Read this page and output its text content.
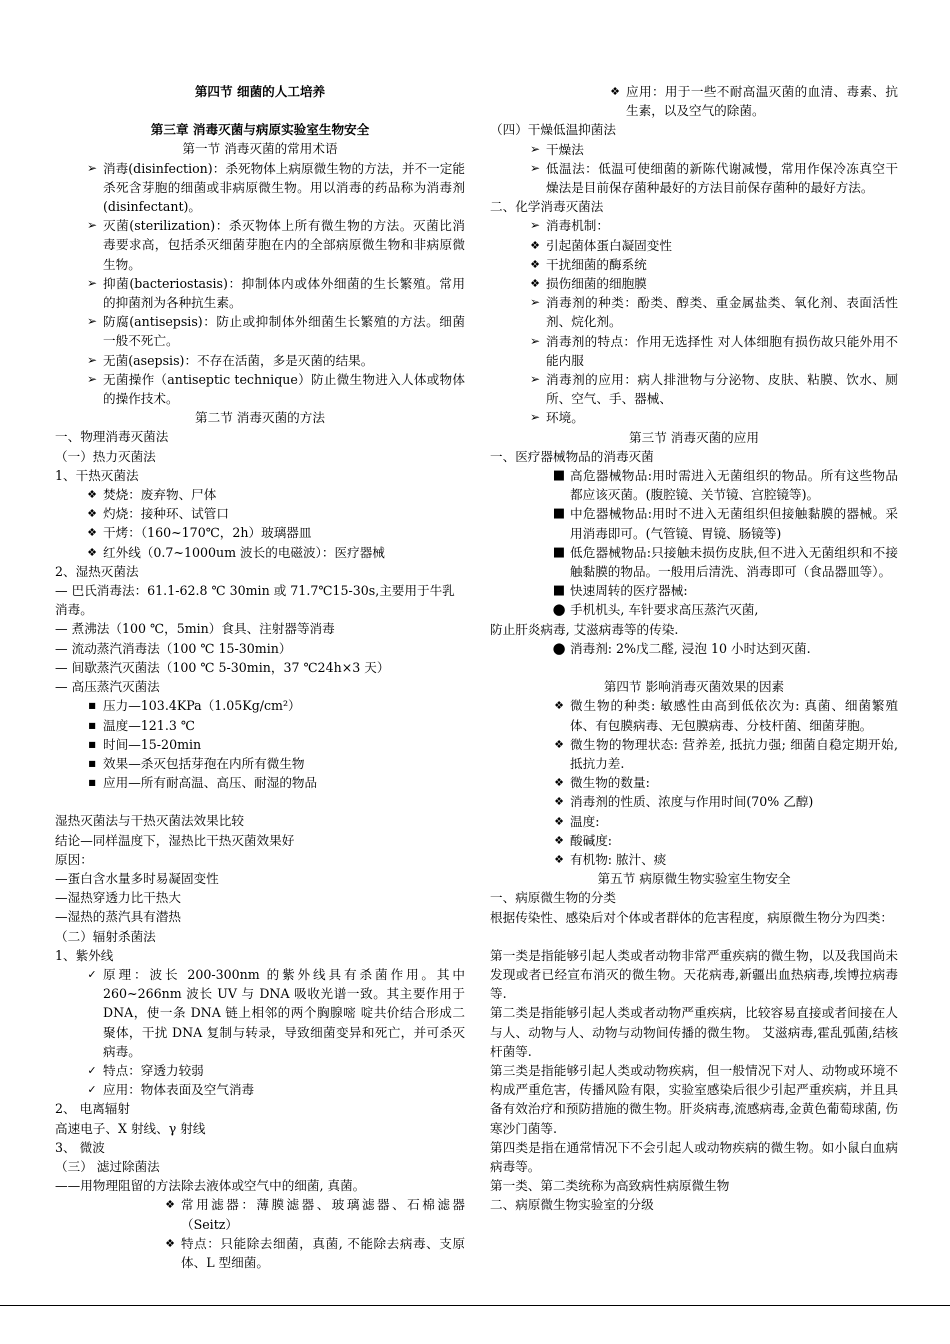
第四节 细菌的人工培养
第三章 消毒灭菌与病原实验室生物安全
第一节 消毒灭菌的常用术语
➢ 消毒(disinfection)：杀死物体上病原微生物的方法，并不一定能杀死含芽胞的细菌或非病原微生物。用以消毒的药品称为消毒剂(disinfectant)。
➢ 灭菌(sterilization)：杀灭物体上所有微生物的方法。灭菌比消毒要求高，包括杀灭细菌芽胞在内的全部病原微生物和非病原微生物。
➢ 抑菌(bacteriostasis)：抑制体内或体外细菌的生长繁殖。常用的抑菌剂为各种抗生素。
➢ 防腐(antisepsis)：防止或抑制体外细菌生长繁殖的方法。细菌一般不死亡。
➢ 无菌(asepsis)：不存在活菌，多是灭菌的结果。
➢ 无菌操作（antiseptic technique）防止微生物进入人体或物体的操作技术。
第二节 消毒灭菌的方法
一、物理消毒灭菌法
（一）热力灭菌法
1、干热灭菌法
❖ 焚烧：废弃物、尸体
❖ 灼烧：接种环、试管口
❖ 干烤：（160~170℃，2h）玻璃器皿
❖ 红外线（0.7~1000um 波长的电磁波）：医疗器械
2、湿热灭菌法
— 巴氏消毒法：61.1-62.8 ℃ 30min 或 71.7℃15-30s,主要用于牛乳消毒。
— 煮沸法（100 ℃，5min）食具、注射器等消毒
— 流动蒸汽消毒法（100 ℃ 15-30min）
— 间歇蒸汽灭菌法（100 ℃ 5-30min，37 ℃24h×3 天）
— 高压蒸汽灭菌法
■ 压力—103.4KPa（1.05Kg/cm²）
■ 温度—121.3 ℃
■ 时间—15-20min
■ 效果—杀灭包括芽孢在内所有微生物
■ 应用—所有耐高温、高压、耐湿的物品
湿热灭菌法与干热灭菌法效果比较
结论—同样温度下，湿热比干热灭菌效果好
原因：
—蛋白含水量多时易凝固变性
—湿热穿透力比干热大
—湿热的蒸汽具有潜热
（二）辐射杀菌法
1、紫外线
✓ 原理：波长 200-300nm 的紫外线具有杀菌作用。其中 260~266nm 波长 UV 与 DNA 吸收光谱一致。其主要作用于 DNA，使一条 DNA 链上相邻的两个胸腺嘧 啶共价结合形成二聚体，干扰 DNA 复制与转录，导致细菌变异和死亡，并可杀灭病毒。
✓ 特点：穿透力较弱
✓ 应用：物体表面及空气消毒
2、 电离辐射
高速电子、X 射线、γ 射线
3、 微波
（三） 滤过除菌法
——用物理阻留的方法除去液体或空气中的细菌, 真菌。
❖ 常用滤器：薄膜滤器、玻璃滤器、石棉滤器（Seitz）
❖ 特点：只能除去细菌，真菌, 不能除去病毒、支原体、L 型细菌。
❖ 应用：用于一些不耐高温灭菌的血清、毒素、抗生素，以及空气的除菌。
（四）干燥低温抑菌法
➢ 干燥法
➢ 低温法：低温可使细菌的新陈代谢减慢，常用作保冷冻真空干燥法是目前保存菌种最好的方法目前保存菌种的最好方法。
二、化学消毒灭菌法
➢ 消毒机制：
❖ 引起菌体蛋白凝固变性
❖ 干扰细菌的酶系统
❖ 损伤细菌的细胞膜
➢ 消毒剂的种类：酚类、醇类、重金属盐类、氧化剂、表面活性剂、烷化剂。
➢ 消毒剂的特点：作用无选择性 对人体细胞有损伤故只能外用不能内服
➢ 消毒剂的应用：病人排泄物与分泌物、皮肤、粘膜、饮水、厕所、空气、手、器械、
➢ 环境。
第三节 消毒灭菌的应用
一、医疗器械物品的消毒灭菌
■ 高危器械物品:用时需进入无菌组织的物品。所有这些物品都应该灭菌。(腹腔镜、关节镜、宫腔镜等)。
■ 中危器械物品:用时不进入无菌组织但接触黏膜的器械。采用消毒即可。(气管镜、胃镜、肠镜等)
■ 低危器械物品:只接触未损伤皮肤,但不进入无菌组织和不接触黏膜的物品。一般用后清洗、消毒即可（食品器皿等）。
■ 快速周转的医疗器械:
● 手机机头, 车针要求高压蒸汽灭菌,
防止肝炎病毒, 艾滋病毒等的传染.
● 消毒剂: 2%戊二醛, 浸泡 10 小时达到灭菌.
第四节 影响消毒灭菌效果的因素
❖ 微生物的种类: 敏感性由高到低依次为: 真菌、细菌繁殖体、有包膜病毒、无包膜病毒、分枝杆菌、细菌芽胞。
❖ 微生物的物理状态: 营养差, 抵抗力强; 细菌自稳定期开始, 抵抗力差.
❖ 微生物的数量:
❖ 消毒剂的性质、浓度与作用时间(70% 乙醇)
❖ 温度:
❖ 酸碱度:
❖ 有机物: 脓汁、痰
第五节 病原微生物实验室生物安全
一、病原微生物的分类
根据传染性、感染后对个体或者群体的危害程度，病原微生物分为四类：
第一类是指能够引起人类或者动物非常严重疾病的微生物，以及我国尚未发现或者已经宣布消灭的微生物。天花病毒,新疆出血热病毒,埃博拉病毒等.
第二类是指能够引起人类或者动物严重疾病，比较容易直接或者间接在人与人、动物与人、动物与动物间传播的微生物。 艾滋病毒,霍乱弧菌,结核杆菌等.
第三类是指能够引起人类或动物疾病，但一般情况下对人、动物或环境不构成严重危害，传播风险有限，实验室感染后很少引起严重疾病，并且具备有效治疗和预防措施的微生物。肝炎病毒,流感病毒,金黄色葡萄球菌, 伤寒沙门菌等.
第四类是指在通常情况下不会引起人或动物疾病的微生物。如小鼠白血病病毒等。
第一类、第二类统称为高致病性病原微生物
二、病原微生物实验室的分级
